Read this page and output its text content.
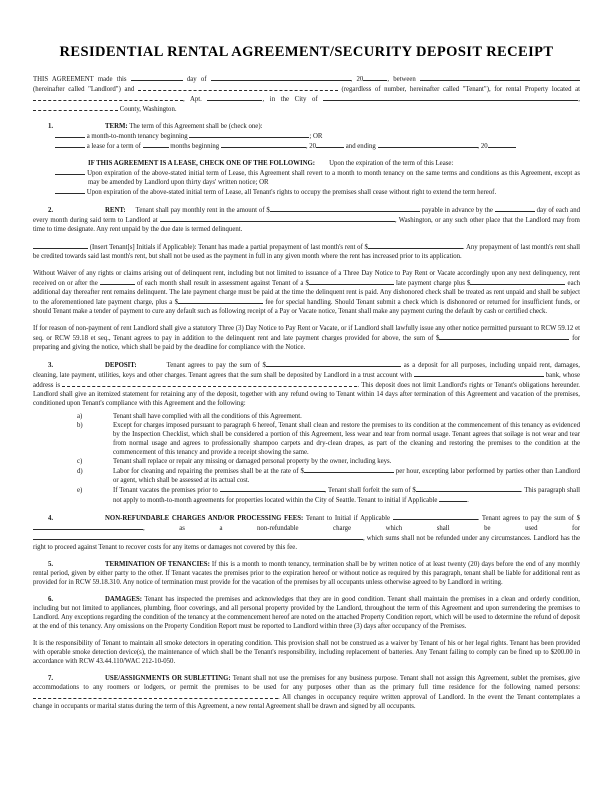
RESIDENTIAL RENTAL AGREEMENT/SECURITY DEPOSIT RECEIPT

THIS AGREEMENT made this	day of	, 20	, between  (hereinafter called "Landlord") and	(regardless of number, hereinafter called "Tenant"), for rental Property located at , Apt.	, in the City of	,  County, Washington.

1.	TERM: The term of this Agreement shall be (check one):
a month-to-month tenancy beginning	; OR
a lease for a term of	months beginning	, 20	and ending	, 20
IF THIS AGREEMENT IS A LEASE, CHECK ONE OF THE FOLLOWING: Upon the expiration of the term of this Lease:
Upon expiration of the above-stated initial term of Lease, this Agreement shall revert to a month to month tenancy on the same terms and conditions as this Agreement, except as may be amended by Landlord upon thirty days' written notice; OR
Upon expiration of the above-stated initial term of Lease, all Tenant's rights to occupy the premises shall cease without right to extend the term hereof.
2.	RENT: Tenant shall pay monthly rent in the amount of $	payable in advance by the	day of each and every month during said term to Landlord at	, Washington, or any such other place that the Landlord may from time to time designate. Any rent unpaid by the due date is termed delinquent.
(Insert Tenant[s] Initials if Applicable): Tenant has made a partial prepayment of last month's rent of $	. Any prepayment of last month's rent shall be credited towards said last month's rent, but shall not be used as the payment in full in any given month where the rent has increased prior to its application.
Without Waiver of any rights or claims arising out of delinquent rent, including but not limited to issuance of a Three Day Notice to Pay Rent or Vacate accordingly upon any next delinquency, rent received on or after the	of each month shall result in assessment against Tenant of a $	late payment charge plus $	each additional day thereafter rent remains delinquent. The late payment charge must be paid at the time the delinquent rent is paid. Any dishonored check shall be treated as rent unpaid and shall be subject to the aforementioned late payment charge, plus a $	fee for special handling. Should Tenant submit a check which is dishonored or returned for insufficient funds, or should Tenant make a tender of payment to cure any default such as following receipt of a Pay or Vacate notice, Tenant shall make any payment curing the default by cash or certified check.
If for reason of non-payment of rent Landlord shall give a statutory Three (3) Day Notice to Pay Rent or Vacate, or if Landlord shall lawfully issue any other notice permitted pursuant to RCW 59.12 et seq. or RCW 59.18 et seq., Tenant agrees to pay in addition to the delinquent rent and late payment charges provided for above, the sum of $	for preparing and giving the notice, which shall be paid by the deadline for compliance with the Notice.
3.	DEPOSIT:	Tenant agrees to pay the sum of $	as a deposit for all purposes, including unpaid rent, damages, cleaning, late payment, utilities, keys and other charges. Tenant agrees that the sum shall be deposited by Landlord in a trust account with	bank, whose address is	. This deposit does not limit Landlord's rights or Tenant's obligations hereunder. Landlord shall give an itemized statement for retaining any of the deposit, together with any refund owing to Tenant within 14 days after termination of this Agreement and vacation of the premises, conditioned upon Tenant's compliance with this Agreement and the following:
a)	Tenant shall have complied with all the conditions of this Agreement.
b)	Except for charges imposed pursuant to paragraph 6 hereof, Tenant shall clean and restore the premises to its condition at the commencement of this tenancy as evidenced by the Inspection Checklist, which shall be considered a portion of this Agreement, less wear and tear from normal usage. Tenant agrees that soilage is not wear and tear from normal usage and agrees to professionally shampoo carpets and dry-clean drapes, as part of the cleaning and restoring the premises to the condition at the commencement of this tenancy and provide a receipt showing the same.
c)	Tenant shall replace or repair any missing or damaged personal property by the owner, including keys.
d)	Labor for cleaning and repairing the premises shall be at the rate of $	per hour, excepting labor performed by parties other than Landlord or agent, which shall be assessed at its actual cost.
e)	If Tenant vacates the premises prior to	, Tenant shall forfeit the sum of $	. This paragraph shall not apply to month-to-month agreements for properties located within the City of Seattle. Tenant to initial if Applicable	.
4.	NON-REFUNDABLE CHARGES AND/OR PROCESSING FEES: Tenant to Initial if Applicable	. Tenant agrees to pay the sum of $, as a non-refundable charge which shall be used for , which sums shall not be refunded under any circumstances. Landlord has the right to proceed against Tenant to recover costs for any items or damages not covered by this fee.
5.	TERMINATION OF TENANCIES: If this is a month to month tenancy, termination shall be by written notice of at least twenty (20) days before the end of any monthly rental period, given by either party to the other. If Tenant vacates the premises prior to the expiration hereof or without notice as required by this paragraph, tenant shall be liable for additional rent as provided for in RCW 59.18.310. Any notice of termination must provide for the vacation of the premises by all occupants unless otherwise agreed to by Landlord in writing.
6.	DAMAGES: Tenant has inspected the premises and acknowledges that they are in good condition. Tenant shall maintain the premises in a clean and orderly condition, including but not limited to appliances, plumbing, floor coverings, and all personal property provided by the Landlord, throughout the term of this Agreement and upon surrendering the premises to Landlord. Any exceptions regarding the condition of the tenancy at the commencement hereof are noted on the attached Property Condition report, which will be used to determine the refund of deposit at the end of this tenancy. Any omissions on the Property Condition Report must be reported to Landlord within three (3) days after occupancy of the Premises.
It is the responsibility of Tenant to maintain all smoke detectors in operating condition. This provision shall not be construed as a waiver by Tenant of his or her legal rights. Tenant has been provided with operable smoke detection device(s), the maintenance of which shall be the Tenant's responsibility, including replacement of batteries. Any Tenant failing to comply can be fined up to $200.00 in accordance with RCW 43.44.110/WAC 212-10-050.
7.	USE/ASSIGNMENTS OR SUBLETTING: Tenant shall not use the premises for any business purpose. Tenant shall not assign this Agreement, sublet the premises, give accommodations to any roomers or lodgers, or permit the premises to be used for any purposes other than as the primary full time residence for the following named persons: . All changes in occupancy require written approval of Landlord. In the event the Tenant contemplates a change in occupants or marital status during the term of this Agreement, a new rental Agreement shall be drawn and signed by all occupants.
